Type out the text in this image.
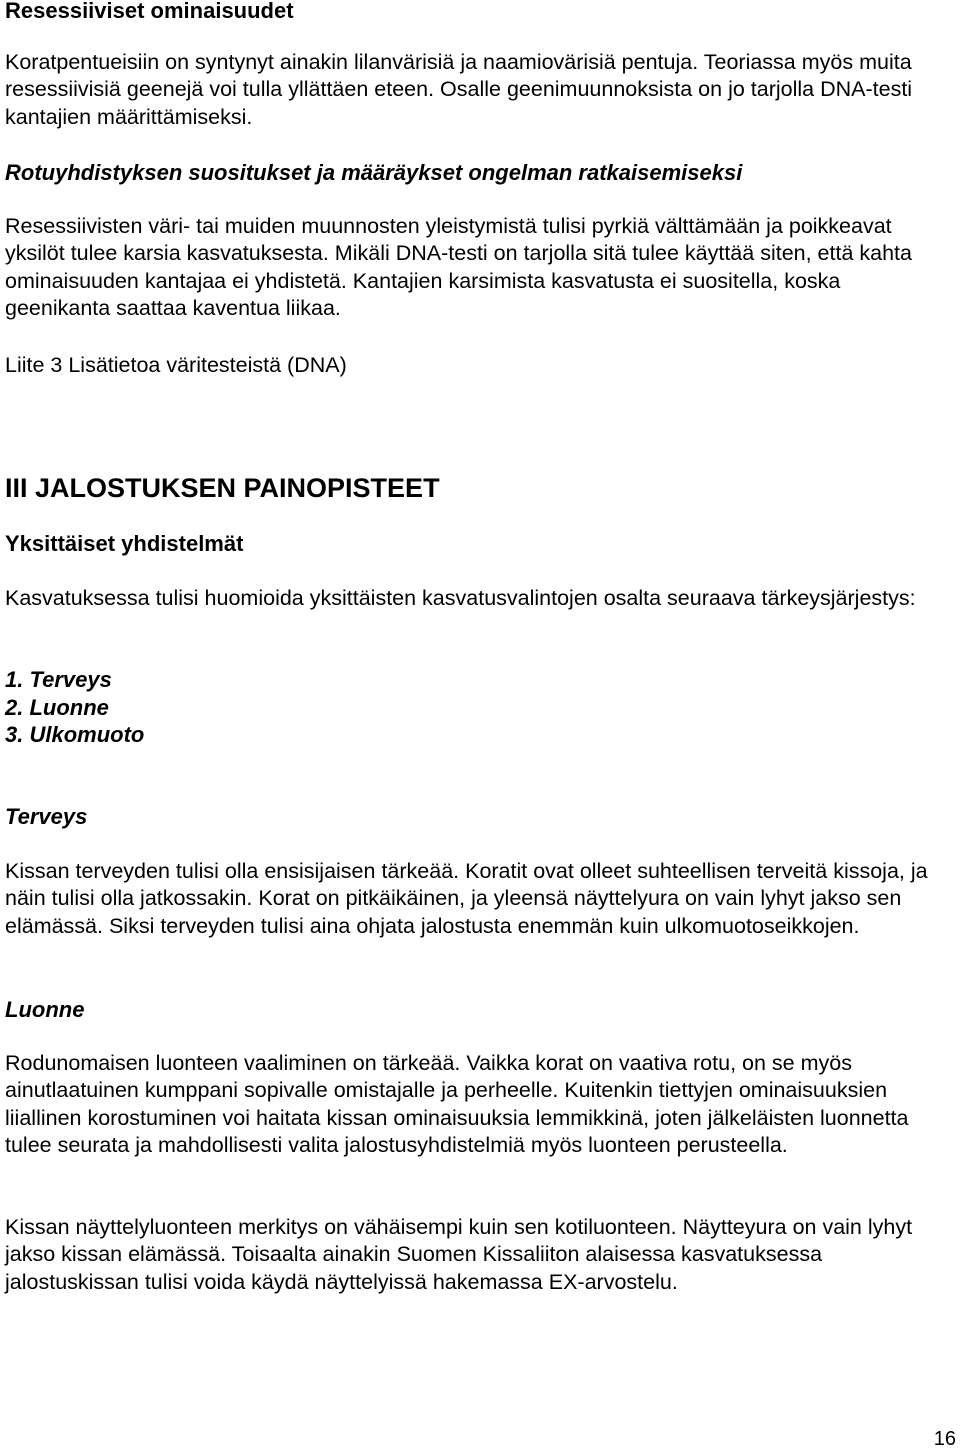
Resessiiviset ominaisuudet

Koratpentueisiin on syntynyt ainakin lilanvärisiä ja naamiovärisiä pentuja. Teoriassa myös muita resessiivisiä geenejä voi tulla yllättäen eteen. Osalle geenimuunnoksista on jo tarjolla DNA-testi kantajien määrittämiseksi.

Rotuyhdistyksen suositukset ja määräykset ongelman ratkaisemiseksi

Resessiivisten väri- tai muiden muunnosten yleistymistä tulisi pyrkiä välttämään ja poikkeavat yksilöt tulee karsia kasvatuksesta. Mikäli DNA-testi on tarjolla sitä tulee käyttää siten, että kahta ominaisuuden kantajaa ei yhdistetä. Kantajien karsimista kasvatusta ei suositella, koska geenikanta saattaa kaventua liikaa.

Liite 3 Lisätietoa väritesteistä (DNA)

III JALOSTUKSEN PAINOPISTEET
Yksittäiset yhdistelmät

Kasvatuksessa tulisi huomioida yksittäisten kasvatusvalintojen osalta seuraava tärkeysjärjestys:

1. Terveys
2. Luonne
3. Ulkomuoto
Terveys

Kissan terveyden tulisi olla ensisijaisen tärkeää. Koratit ovat olleet suhteellisen terveitä kissoja, ja näin tulisi olla jatkossakin. Korat on pitkäikäinen, ja yleensä näyttelyura on vain lyhyt jakso sen elämässä. Siksi terveyden tulisi aina ohjata jalostusta enemmän kuin ulkomuotoseikkojen.

Luonne

Rodunomaisen luonteen vaaliminen on tärkeää. Vaikka korat on vaativa rotu, on se myös ainutlaatuinen kumppani sopivalle omistajalle ja perheelle. Kuitenkin tiettyjen ominaisuuksien liiallinen korostuminen voi haitata kissan ominaisuuksia lemmikkinä, joten jälkeläisten luonnetta tulee seurata ja mahdollisesti valita jalostusyhdistelmiä myös luonteen perusteella.

Kissan näyttelyluonteen merkitys on vähäisempi kuin sen kotiluonteen. Näytteyura on vain lyhyt jakso kissan elämässä. Toisaalta ainakin Suomen Kissaliiton alaisessa kasvatuksessa jalostuskissan tulisi voida käydä näyttelyissä hakemassa EX-arvostelu.

16
